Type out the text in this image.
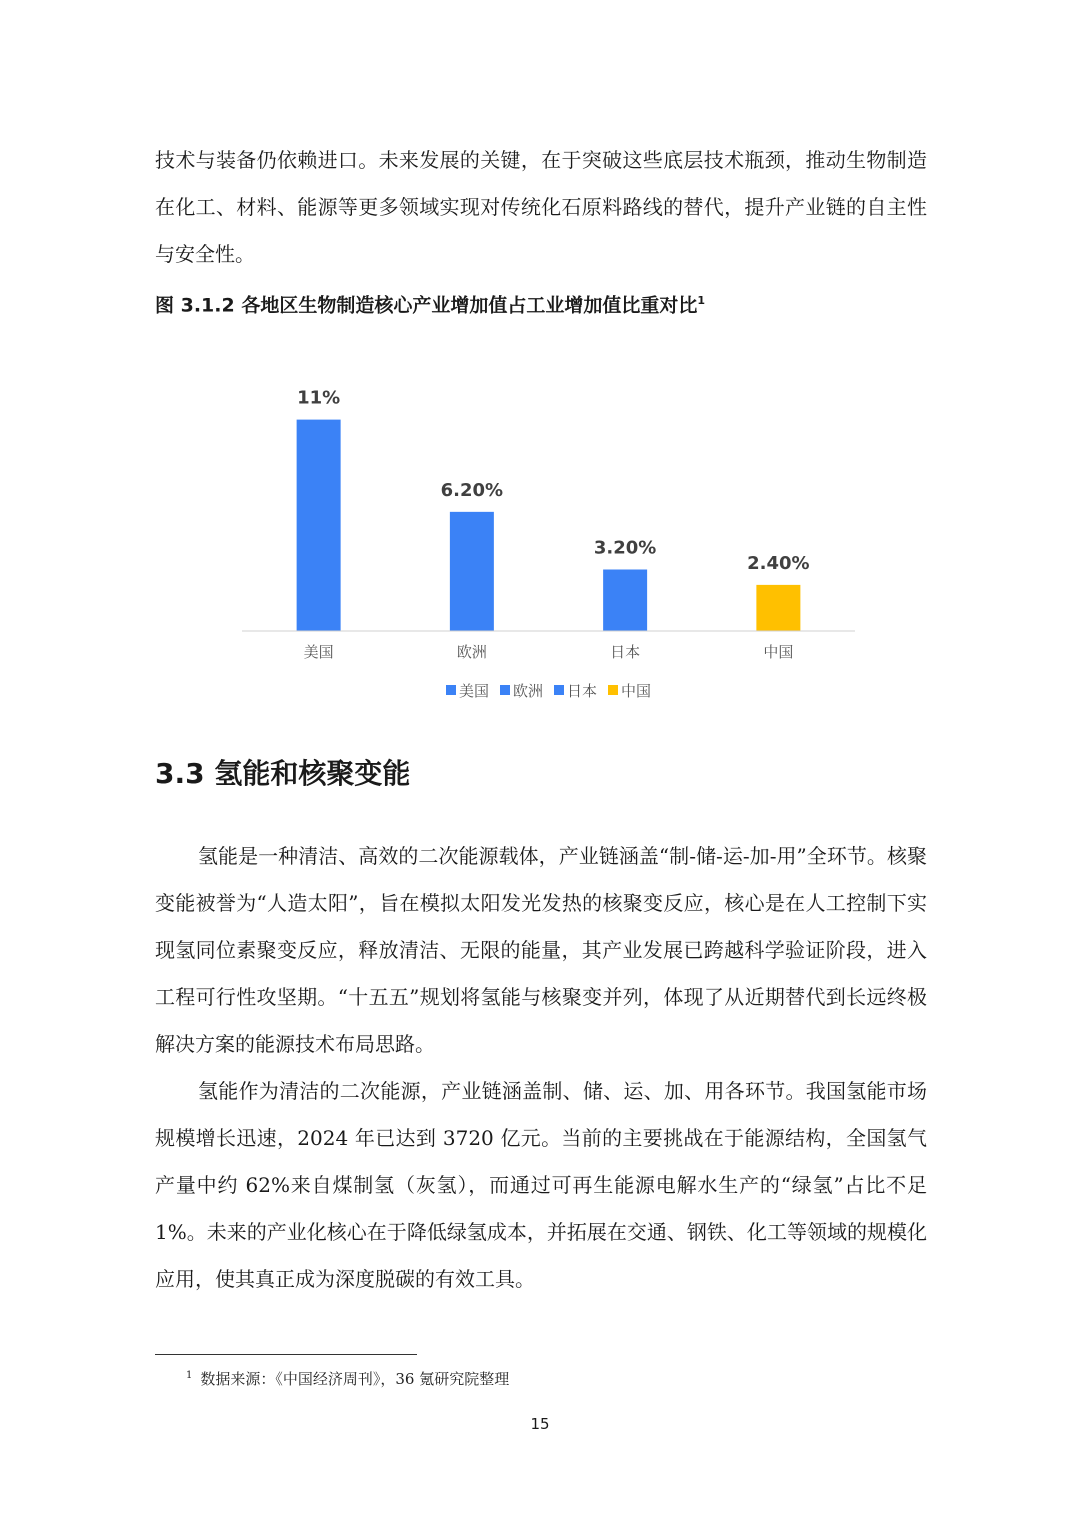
技术与装备仍依赖进口。未来发展的关键，在于突破这些底层技术瓶颈，推动生物制造在化工、材料、能源等更多领域实现对传统化石原料路线的替代，提升产业链的自主性与安全性。

图 3.1.2 各地区生物制造核心产业增加值占工业增加值比重对比$^1$

11%
美国
6.20%
欧洲
3.20%
日本
2.40%
中国
美国 欧洲 日本 中国
3.3 氢能和核聚变能

氢能是一种清洁、高效的二次能源载体，产业链涵盖“制-储-运-加-用”全环节。核聚变能被誉为“人造太阳”，旨在模拟太阳发光发热的核聚变反应，核心是在人工控制下实现氢同位素聚变反应，释放清洁、无限的能量，其产业发展已跨越科学验证阶段，进入工程可行性攻坚期。“十五五”规划将氢能与核聚变并列，体现了从近期替代到长远终极解决方案的能源技术布局思路。

氢能作为清洁的二次能源，产业链涵盖制、储、运、加、用各环节。我国氢能市场规模增长迅速，2024 年已达到 3720 亿元。当前的主要挑战在于能源结构，全国氢气产量中约 62%来自煤制氢（灰氢），而通过可再生能源电解水生产的“绿氢”占比不足 1%。未来的产业化核心在于降低绿氢成本，并拓展在交通、钢铁、化工等领域的规模化应用，使其真正成为深度脱碳的有效工具。

$^1$ 数据来源：《中国经济周刊》，36 氪研究院整理

15
